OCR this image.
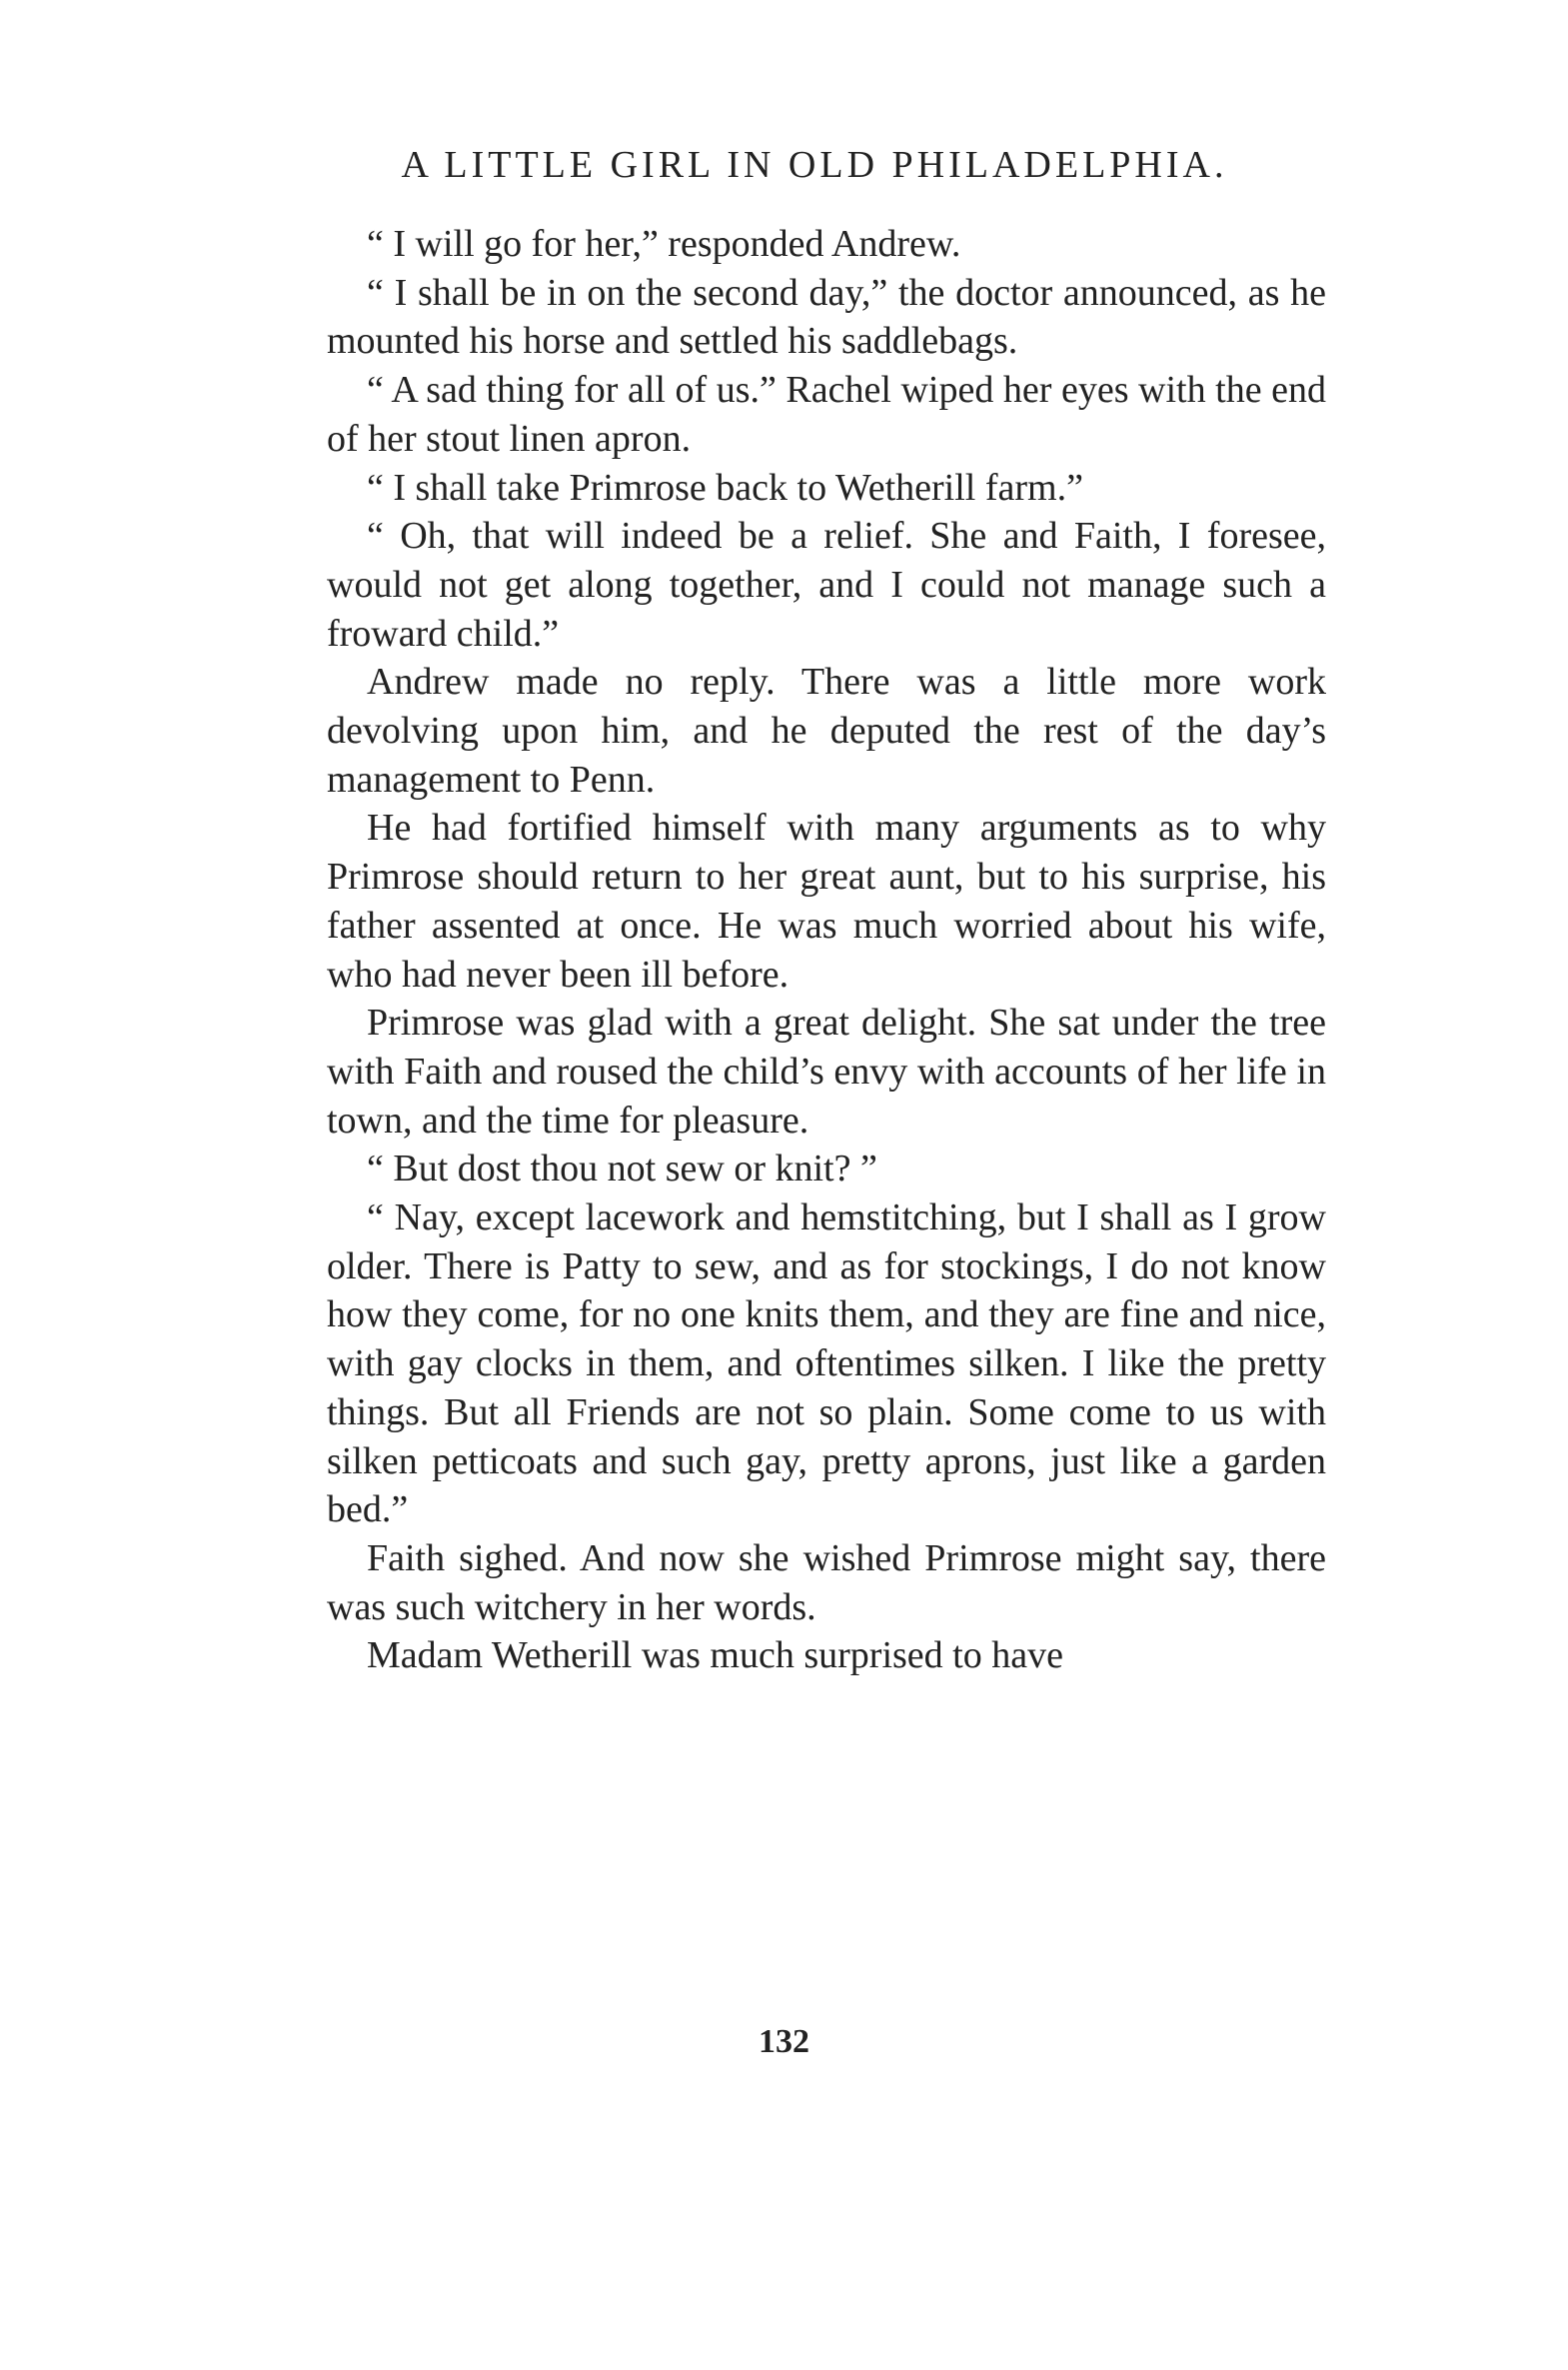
A LITTLE GIRL IN OLD PHILADELPHIA.

“ I will go for her,” responded Andrew.

“ I shall be in on the second day,” the doctor announced, as he mounted his horse and settled his saddlebags.

“ A sad thing for all of us.” Rachel wiped her eyes with the end of her stout linen apron.

“ I shall take Primrose back to Wetherill farm.”

“ Oh, that will indeed be a relief. She and Faith, I foresee, would not get along together, and I could not manage such a froward child.”

Andrew made no reply. There was a little more work devolving upon him, and he deputed the rest of the day’s management to Penn.

He had fortified himself with many arguments as to why Primrose should return to her great aunt, but to his surprise, his father assented at once. He was much worried about his wife, who had never been ill before.

Primrose was glad with a great delight. She sat under the tree with Faith and roused the child’s envy with accounts of her life in town, and the time for pleasure.

“ But dost thou not sew or knit? ”

“ Nay, except lacework and hemstitching, but I shall as I grow older. There is Patty to sew, and as for stockings, I do not know how they come, for no one knits them, and they are fine and nice, with gay clocks in them, and oftentimes silken. I like the pretty things. But all Friends are not so plain. Some come to us with silken petticoats and such gay, pretty aprons, just like a garden bed.”

Faith sighed. And now she wished Primrose might say, there was such witchery in her words.

Madam Wetherill was much surprised to have

132
